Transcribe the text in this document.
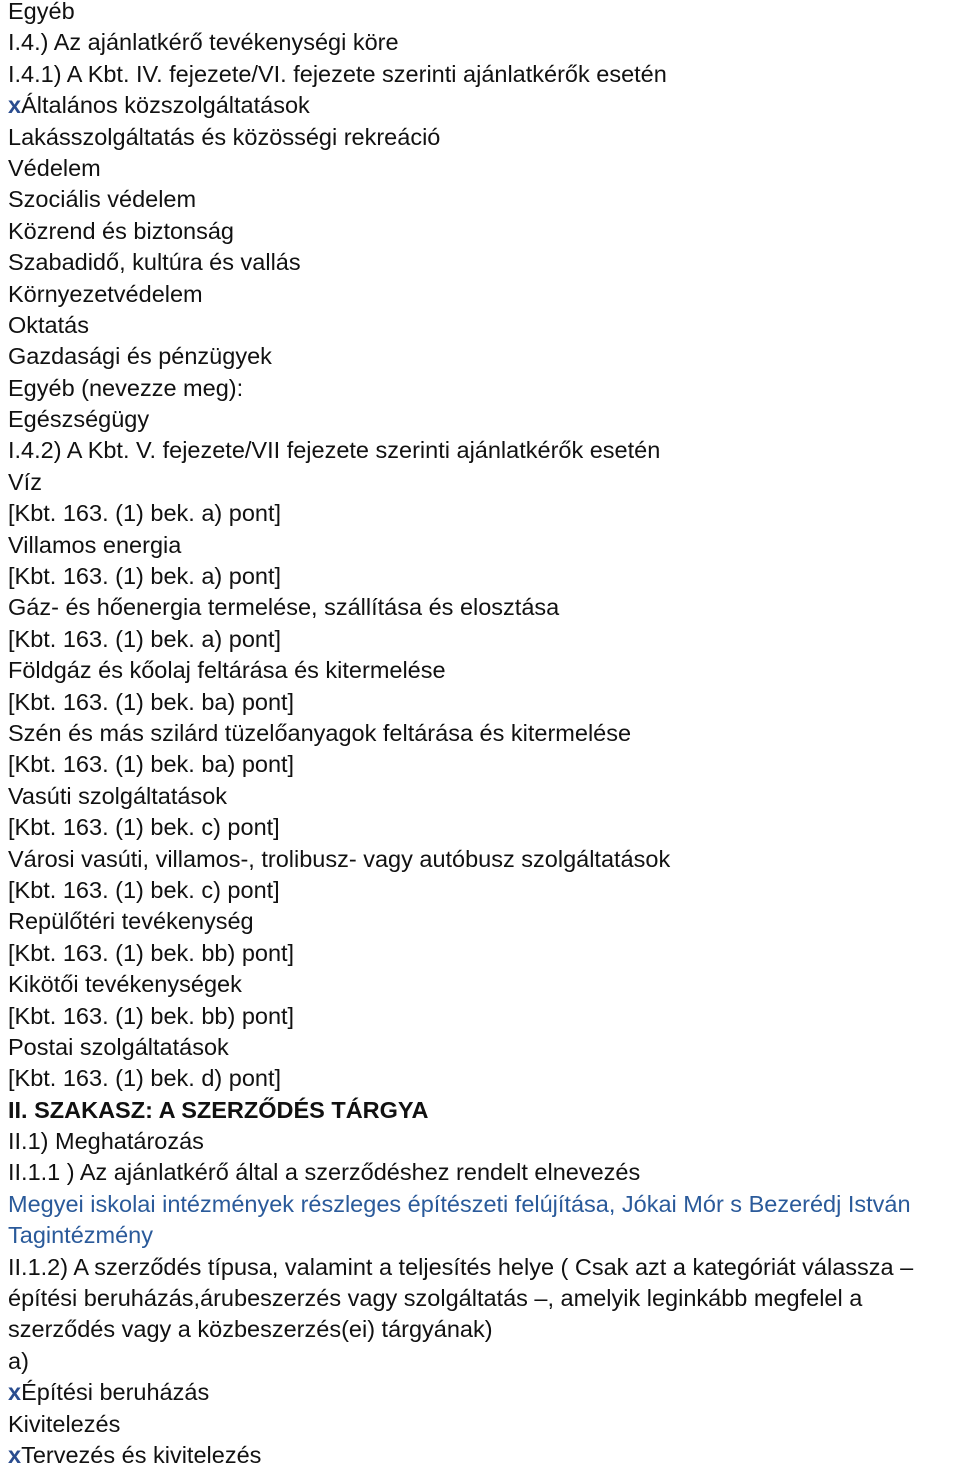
Egyéb
I.4.) Az ajánlatkérő tevékenységi köre
I.4.1) A Kbt. IV. fejezete/VI. fejezete szerinti ajánlatkérők esetén
xÁltalános közszolgáltatások
Lakásszolgáltatás és közösségi rekreáció
Védelem
Szociális védelem
Közrend és biztonság
Szabadidő, kultúra és vallás
Környezetvédelem
Oktatás
Gazdasági és pénzügyek
Egyéb (nevezze meg):
Egészségügy
I.4.2) A Kbt. V. fejezete/VII fejezete szerinti ajánlatkérők esetén
Víz
[Kbt. 163. (1) bek. a) pont]
Villamos energia
[Kbt. 163. (1) bek. a) pont]
Gáz- és hőenergia termelése, szállítása és elosztása
[Kbt. 163. (1) bek. a) pont]
Földgáz és kőolaj feltárása és kitermelése
[Kbt. 163. (1) bek. ba) pont]
Szén és más szilárd tüzelőanyagok feltárása és kitermelése
[Kbt. 163. (1) bek. ba) pont]
Vasúti szolgáltatások
[Kbt. 163. (1) bek. c) pont]
Városi vasúti, villamos-, trolibusz- vagy autóbusz szolgáltatások
[Kbt. 163. (1) bek. c) pont]
Repülőtéri tevékenység
[Kbt. 163. (1) bek. bb) pont]
Kikötői tevékenységek
[Kbt. 163. (1) bek. bb) pont]
Postai szolgáltatások
[Kbt. 163. (1) bek. d) pont]
II. SZAKASZ: A SZERZŐDÉS TÁRGYA
II.1) Meghatározás
II.1.1 ) Az ajánlatkérő által a szerződéshez rendelt elnevezés
Megyei iskolai intézmények részleges építészeti felújítása, Jókai Mór s Bezerédj István Tagintézmény
II.1.2) A szerződés típusa, valamint a teljesítés helye ( Csak azt a kategóriát válassza – építési beruházás,árubeszerzés vagy szolgáltatás –, amelyik leginkább megfelel a szerződés vagy a közbeszerzés(ei) tárgyának)
a)
xÉpítési beruházás
Kivitelezés
xTervezés és kivitelezés
